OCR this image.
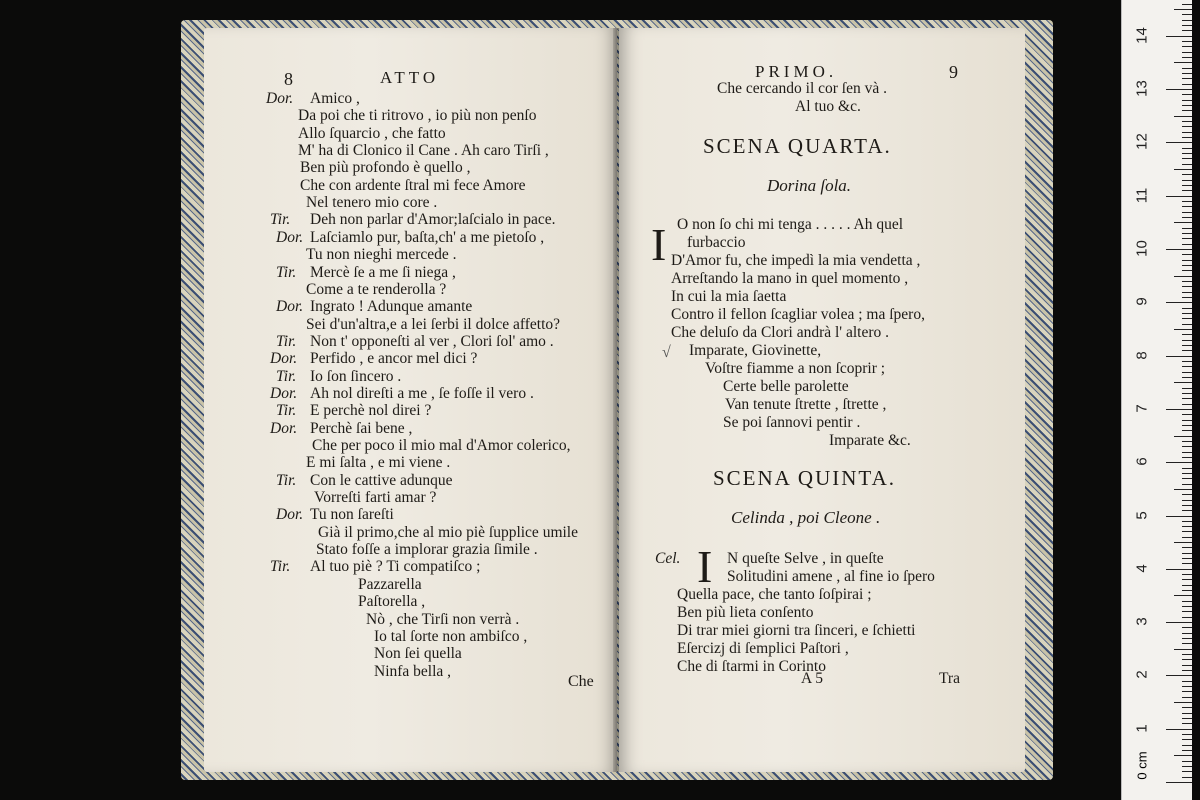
8	ATTO
Dor. Amico ,
Da poi che ti ritrovo , io più non penſo
Allo ſquarcio , che fatto
M' ha di Clonico il Cane . Ah caro Tirſi ,
Ben più profondo è quello ,
Che con ardente ſtral mi fece Amore
Nel tenero mio core .
Tir. Deh non parlar d'Amor;laſcialo in pace.
Dor. Laſciamlo pur, baſta,ch' a me pietoſo ,
Tu non nieghi mercede .
Tir. Mercè ſe a me ſi niega ,
Come a te renderolla ?
Dor. Ingrato ! Adunque amante
Sei d'un'altra,e a lei ſerbi il dolce affetto?
Tir. Non t' opponeſti al ver , Clori ſol' amo .
Dor. Perfido , e ancor mel dici ?
Tir. Io ſon ſincero .
Dor. Ah nol direſti a me , ſe foſſe il vero .
Tir. E perchè nol direi ?
Dor. Perchè ſai bene ,
Che per poco il mio mal d'Amor colerico,
E mi ſalta , e mi viene .
Tir. Con le cattive adunque
Vorreſti farti amar ?
Dor. Tu non ſareſti
Già il primo,che al mio piè ſupplice umile
Stato foſſe a implorar grazia ſimile .
Tir. Al tuo piè ? Ti compatiſco ;
Pazzarella
Paſtorella ,
Nò , che Tirſi non verrà .
Io tal ſorte non ambiſco ,
Non ſei quella
Ninfa bella ,
Che
PRIMO.	9
Che cercando il cor ſen và .
Al tuo &c.
SCENA QUARTA.
Dorina ſola.
I O non ſo chi mi tenga . . . . . Ah quel
furbaccio
D'Amor fu, che impedì la mia vendetta ,
Arreſtando la mano in quel momento ,
In cui la mia ſaetta
Contro il fellon ſcagliar volea ; ma ſpero,
Che deluſo da Clori andrà l' altero .
Imparate, Giovinette,
Voſtre fiamme a non ſcoprir ;
Certe belle parolette
Van tenute ſtrette , ſtrette ,
Se poi ſannovi pentir .
Imparate &c.
√
SCENA QUINTA.
Celinda , poi Cleone .
Cel. I N queſte Selve , in queſte
Solitudini amene , al fine io ſpero
Quella pace, che tanto ſoſpirai ;
Ben più lieta conſento
Di trar miei giorni tra ſinceri, e ſchietti
Eſercizj di ſemplici Paſtori ,
Che di ſtarmi in Corinto
A 5	Tra
1
2
3
4
5
6
7
8
9
10
11
12
13
14
0 cm
